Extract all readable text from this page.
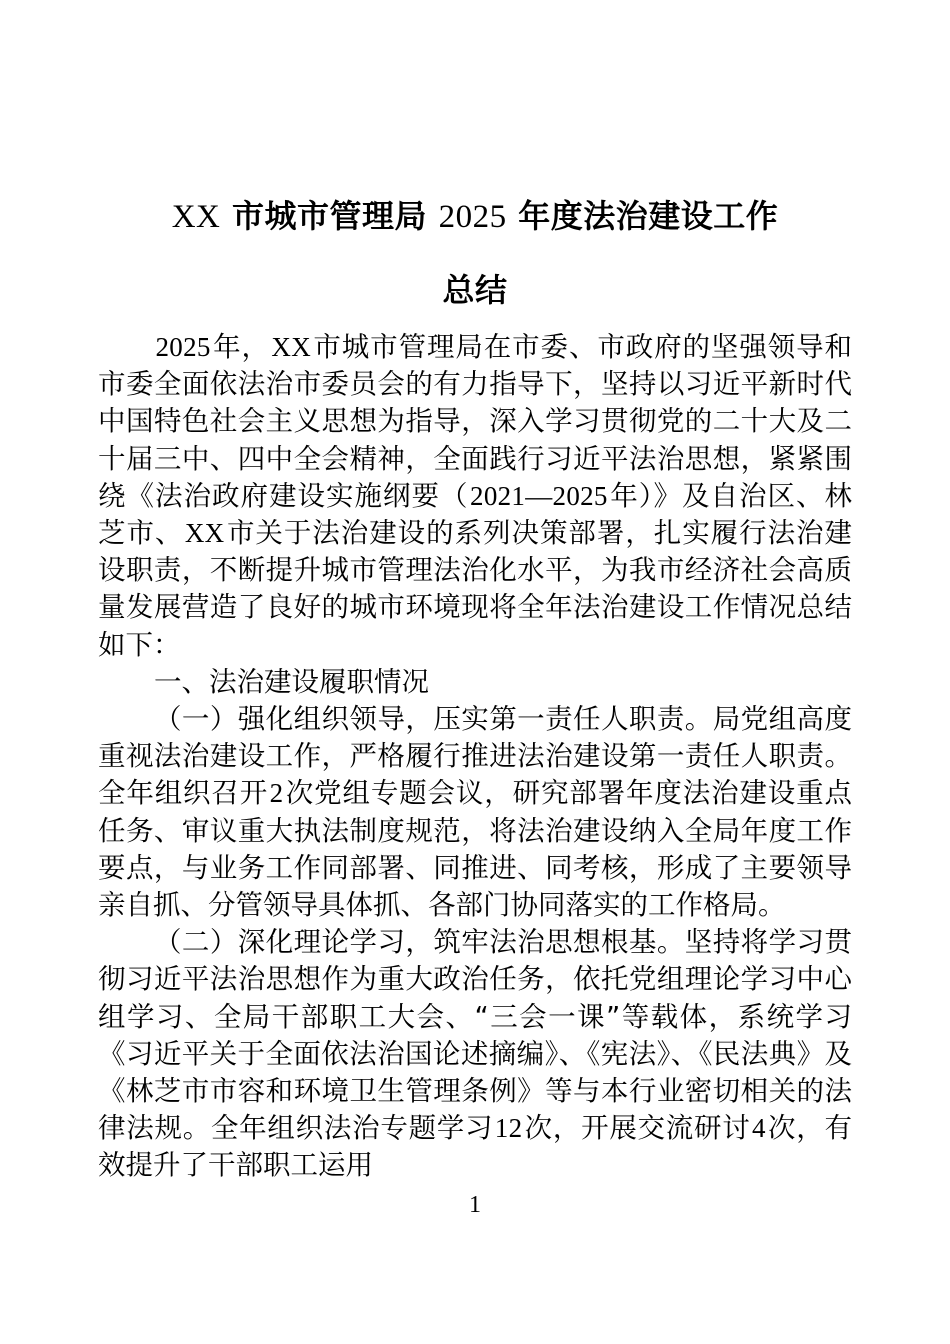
XX 市城市管理局 2025 年度法治建设工作
总结

2025年，XX市城市管理局在市委、市政府的坚强领导和市委全面依法治市委员会的有力指导下，坚持以习近平新时代中国特色社会主义思想为指导，深入学习贯彻党的二十大及二十届三中、四中全会精神，全面践行习近平法治思想，紧紧围绕《法治政府建设实施纲要（2021—2025年）》及自治区、林芝市、XX市关于法治建设的系列决策部署，扎实履行法治建设职责，不断提升城市管理法治化水平，为我市经济社会高质量发展营造了良好的城市环境现将全年法治建设工作情况总结如下：

一、法治建设履职情况

（一）强化组织领导，压实第一责任人职责。局党组高度重视法治建设工作，严格履行推进法治建设第一责任人职责。全年组织召开2次党组专题会议，研究部署年度法治建设重点任务、审议重大执法制度规范，将法治建设纳入全局年度工作要点，与业务工作同部署、同推进、同考核，形成了主要领导亲自抓、分管领导具体抓、各部门协同落实的工作格局。

（二）深化理论学习，筑牢法治思想根基。坚持将学习贯彻习近平法治思想作为重大政治任务，依托党组理论学习中心组学习、全局干部职工大会、“三会一课”等载体，系统学习《习近平关于全面依法治国论述摘编》、《宪法》、《民法典》及《林芝市市容和环境卫生管理条例》等与本行业密切相关的法律法规。全年组织法治专题学习12次，开展交流研讨4次，有效提升了干部职工运用

1
